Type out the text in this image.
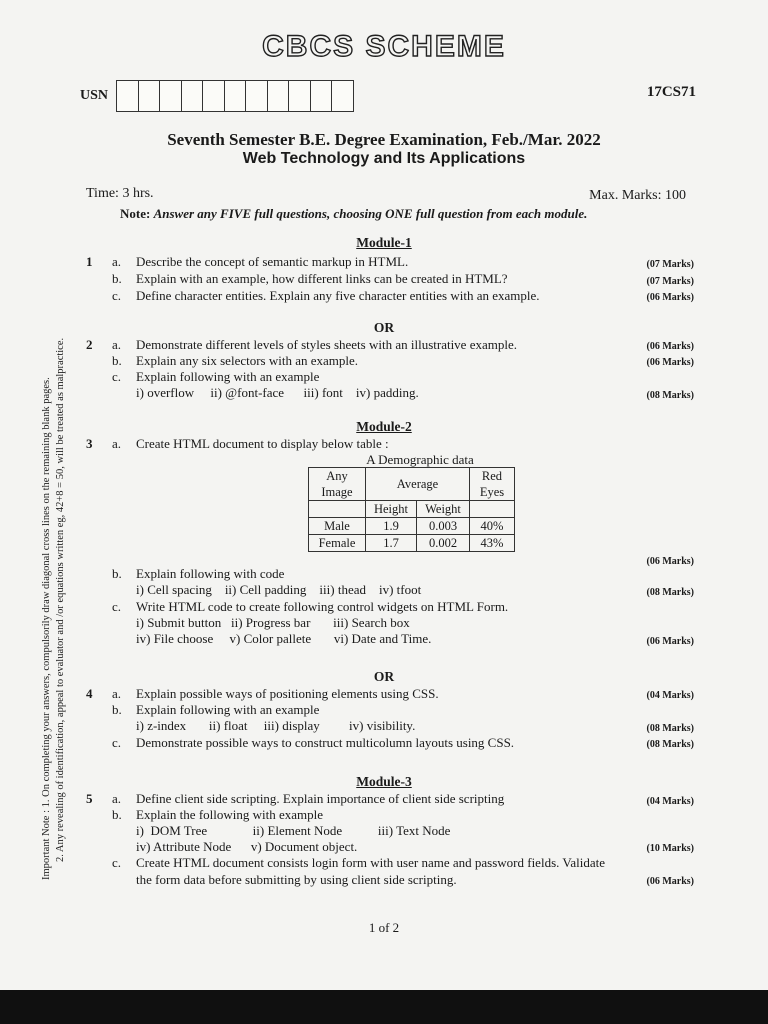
CBCS SCHEME
USN	17CS71
Seventh Semester B.E. Degree Examination, Feb./Mar. 2022
Web Technology and Its Applications
Time: 3 hrs.	Max. Marks: 100
Note: Answer any FIVE full questions, choosing ONE full question from each module.
Important Note : 1. On completing your answers, compulsorily draw diagonal cross lines on the remaining blank pages. 2. Any revealing of identification, appeal to evaluator and /or equations written eg, 42+8 = 50, will be treated as malpractice.
Module-1
1 a. Describe the concept of semantic markup in HTML.	(07 Marks)
b. Explain with an example, how different links can be created in HTML?	(07 Marks)
c. Define character entities. Explain any five character entities with an example.	(06 Marks)
OR
2 a. Demonstrate different levels of styles sheets with an illustrative example.	(06 Marks)
b. Explain any six selectors with an example.	(06 Marks)
c. Explain following with an example
i) overflow     ii) @font-face      iii) font    iv) padding.	(08 Marks)
Module-2
3 a. Create HTML document to display below table :
A Demographic data
Any Image	Average		Red Eyes

	Height	Weight	
Male	1.9	0.003	40%
Female	1.7	0.002	43%
(06 Marks)
b. Explain following with code
i) Cell spacing    ii) Cell padding    iii) thead    iv) tfoot	(08 Marks)
c. Write HTML code to create following control widgets on HTML Form.
i) Submit button   ii) Progress bar       iii) Search box
iv) File choose     v) Color pallete       vi) Date and Time.	(06 Marks)
OR
4 a. Explain possible ways of positioning elements using CSS.	(04 Marks)
b. Explain following with an example
i) z-index       ii) float     iii) display         iv) visibility.	(08 Marks)
c. Demonstrate possible ways to construct multicolumn layouts using CSS.	(08 Marks)
Module-3
5 a. Define client side scripting. Explain importance of client side scripting	(04 Marks)
b. Explain the following with example
i)  DOM Tree              ii) Element Node           iii) Text Node
iv) Attribute Node      v) Document object.	(10 Marks)
c. Create HTML document consists login form with user name and password fields. Validate
the form data before submitting by using client side scripting.	(06 Marks)
1 of 2
